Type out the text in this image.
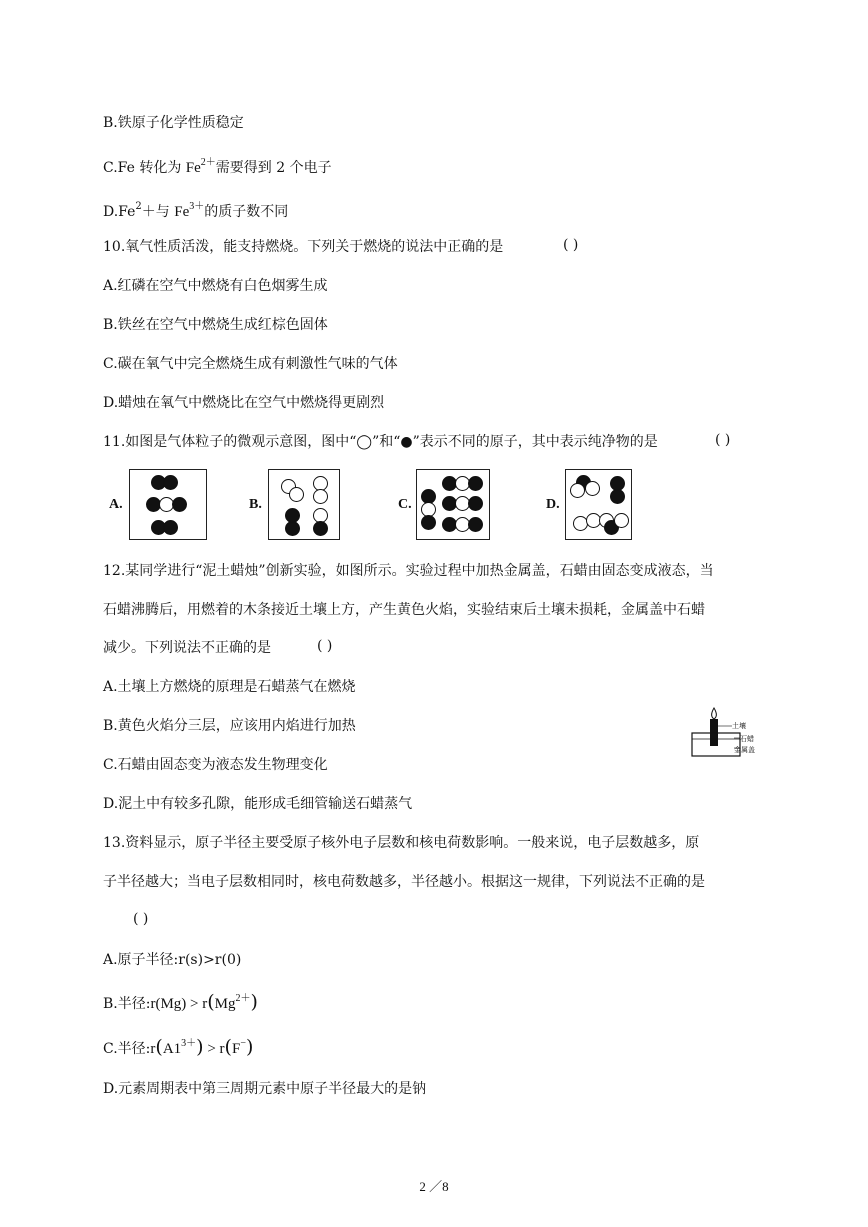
B.铁原子化学性质稳定
C.Fe 转化为 $Fe^{2+}$需要得到 2 个电子
$D.Fe^2+$与 $Fe^{3+}$的质子数不同
10.氧气性质活泼，能支持燃烧。下列关于燃烧的说法中正确的是	( )
A.红磷在空气中燃烧有白色烟雾生成
B.铁丝在空气中燃烧生成红棕色固体
C.碳在氧气中完全燃烧生成有刺激性气味的气体
D.蜡烛在氧气中燃烧比在空气中燃烧得更剧烈
11.如图是气体粒子的微观示意图，图中“◯”和“●”表示不同的原子，其中表示纯净物的是	( )
A.	B.	C.	D.
12.某同学进行“泥土蜡烛”创新实验，如图所示。实验过程中加热金属盖，石蜡由固态变成液态，当
石蜡沸腾后，用燃着的木条接近土壤上方，产生黄色火焰，实验结束后土壤未损耗，金属盖中石蜡
减少。下列说法不正确的是	( )
A.土壤上方燃烧的原理是石蜡蒸气在燃烧
B.黄色火焰分三层，应该用内焰进行加热
C.石蜡由固态变为液态发生物理变化
D.泥土中有较多孔隙，能形成毛细管输送石蜡蒸气
土壤
石蜡
金属盖
13.资料显示，原子半径主要受原子核外电子层数和核电荷数影响。一般来说，电子层数越多，原
子半径越大；当电子层数相同时，核电荷数越多，半径越小。根据这一规律，下列说法不正确的是
( )
A.原子半径:r(s)>r(0)
B.半径:r(Mg) > $r(Mg^{2+})$
C.半径$:r(A1^{3+}) > r(F^-)$
D.元素周期表中第三周期元素中原子半径最大的是钠
2 ／8
